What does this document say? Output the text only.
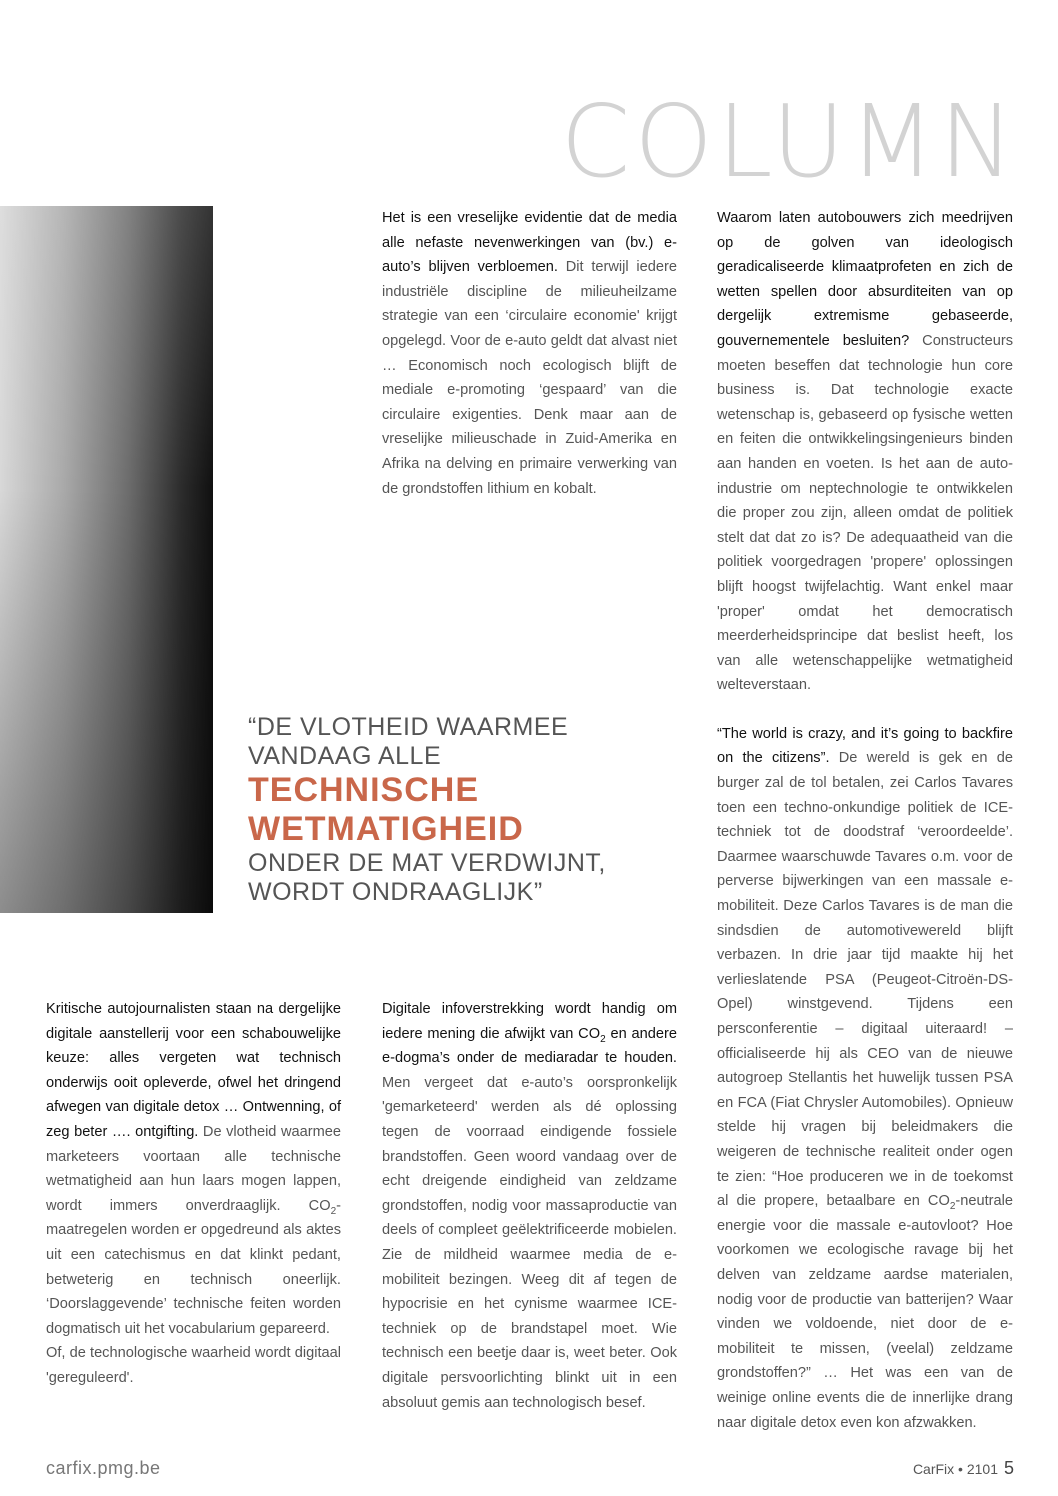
COLUMN

Het is een vreselijke evidentie dat de media alle nefaste nevenwerkingen van (bv.) e-auto’s blijven verbloemen. Dit terwijl iedere industriële discipline de milieuheilzame strategie van een ‘circulaire economie' krijgt opgelegd. Voor de e-auto geldt dat alvast niet … Economisch noch ecologisch blijft de mediale e-promoting ‘gespaard’ van die circulaire exigenties. Denk maar aan de vreselijke milieuschade in Zuid-Amerika en Afrika na delving en primaire verwerking van de grondstoffen lithium en kobalt.

Waarom laten autobouwers zich meedrijven op de golven van ideologisch geradicaliseerde klimaatprofeten en zich de wetten spellen door absurditeiten van op dergelijk extremisme gebaseerde, gouvernementele besluiten? Constructeurs moeten beseffen dat technologie hun core business is. Dat technologie exacte wetenschap is, gebaseerd op fysische wetten en feiten die ontwikkelingsingenieurs binden aan handen en voeten. Is het aan de auto-industrie om neptechnologie te ontwikkelen die proper zou zijn, alleen omdat de politiek stelt dat dat zo is? De adequaatheid van die politiek voorgedragen 'propere' oplossingen blijft hoogst twijfelachtig. Want enkel maar 'proper' omdat het democratisch meerderheidsprincipe dat beslist heeft, los van alle wetenschappelijke wetmatigheid welteverstaan.

“The world is crazy, and it’s going to backfire on the citizens”. De wereld is gek en de burger zal de tol betalen, zei Carlos Tavares toen een techno-onkundige politiek de ICE-techniek tot de doodstraf ‘veroordeelde’. Daarmee waarschuwde Tavares o.m. voor de perverse bijwerkingen van een massale e-mobiliteit. Deze Carlos Tavares is de man die sindsdien de automotivewereld blijft verbazen. In drie jaar tijd maakte hij het verlieslatende PSA (Peugeot-Citroën-DS-Opel) winstgevend. Tijdens een persconferentie – digitaal uiteraard! – officialiseerde hij als CEO van de nieuwe autogroep Stellantis het huwelijk tussen PSA en FCA (Fiat Chrysler Automobiles). Opnieuw stelde hij vragen bij beleidmakers die weigeren de technische realiteit onder ogen te zien: “Hoe produceren we in de toekomst al die propere, betaalbare en $CO_2$-neutrale energie voor die massale e-autovloot? Hoe voorkomen we ecologische ravage bij het delven van zeldzame aardse materialen, nodig voor de productie van batterijen? Waar vinden we voldoende, niet door de e-mobiliteit te missen, (veelal) zeldzame grondstoffen?” … Het was een van de weinige online events die de innerlijke drang naar digitale detox even kon afzwakken.

“DE VLOTHEID WAARMEE
VANDAAG ALLE
TECHNISCHE
WETMATIGHEID
ONDER DE MAT VERDWIJNT,
WORDT ONDRAAGLIJK”

Kritische autojournalisten staan na dergelijke digitale aanstellerij voor een schabouwelijke keuze: alles vergeten wat technisch onderwijs ooit opleverde, ofwel het dringend afwegen van digitale detox … Ontwenning, of zeg beter …. ontgifting. De vlotheid waarmee marketeers voortaan alle technische wetmatigheid aan hun laars mogen lappen, wordt immers onverdraaglijk. $CO_2$-maatregelen worden er opgedreund als aktes uit een catechismus en dat klinkt pedant, betweterig en technisch oneerlijk. ‘Doorslaggevende’ technische feiten worden dogmatisch uit het vocabularium gepareerd.

Of, de technologische waarheid wordt digitaal 'gereguleerd'.

Digitale infoverstrekking wordt handig om iedere mening die afwijkt van $CO_2$ en andere e-dogma’s onder de mediaradar te houden. Men vergeet dat e-auto’s oorspronkelijk 'gemarketeerd' werden als dé oplossing tegen de voorraad eindigende fossiele brandstoffen. Geen woord vandaag over de echt dreigende eindigheid van zeldzame grondstoffen, nodig voor massaproductie van deels of compleet geëlektrificeerde mobielen. Zie de mildheid waarmee media de e-mobiliteit bezingen. Weeg dit af tegen de hypocrisie en het cynisme waarmee ICE-techniek op de brandstapel moet. Wie technisch een beetje daar is, weet beter. Ook digitale persvoorlichting blinkt uit in een absoluut gemis aan technologisch besef.

carfix.pmg.be	CarFix • 2101 5
